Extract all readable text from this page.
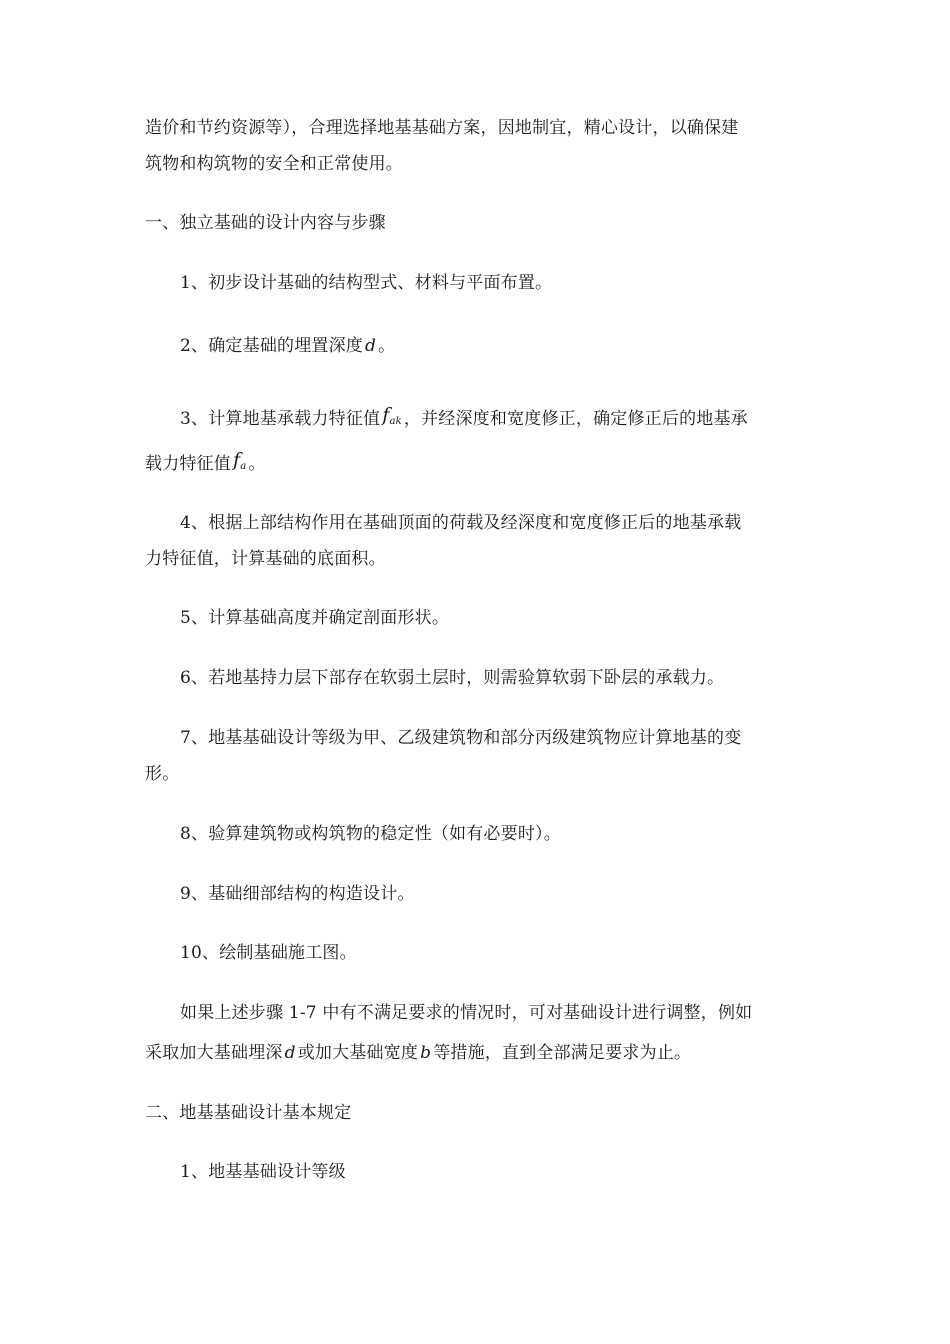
造价和节约资源等），合理选择地基基础方案，因地制宜，精心设计，以确保建
筑物和构筑物的安全和正常使用。
一、独立基础的设计内容与步骤
1、初步设计基础的结构型式、材料与平面布置。
2、确定基础的埋置深度 d 。
3、计算地基承载力特征值 $f_{ak}$ ，并经深度和宽度修正，确定修正后的地基承
载力特征值 $f_a$ 。
4、根据上部结构作用在基础顶面的荷载及经深度和宽度修正后的地基承载
力特征值，计算基础的底面积。
5、计算基础高度并确定剖面形状。
6、若地基持力层下部存在软弱土层时，则需验算软弱下卧层的承载力。
7、地基基础设计等级为甲、乙级建筑物和部分丙级建筑物应计算地基的变
形。
8、验算建筑物或构筑物的稳定性（如有必要时）。
9、基础细部结构的构造设计。
10、绘制基础施工图。
如果上述步骤 1-7 中有不满足要求的情况时，可对基础设计进行调整，例如
采取加大基础埋深 d 或加大基础宽度 b 等措施，直到全部满足要求为止。
二、地基基础设计基本规定
1、地基基础设计等级
